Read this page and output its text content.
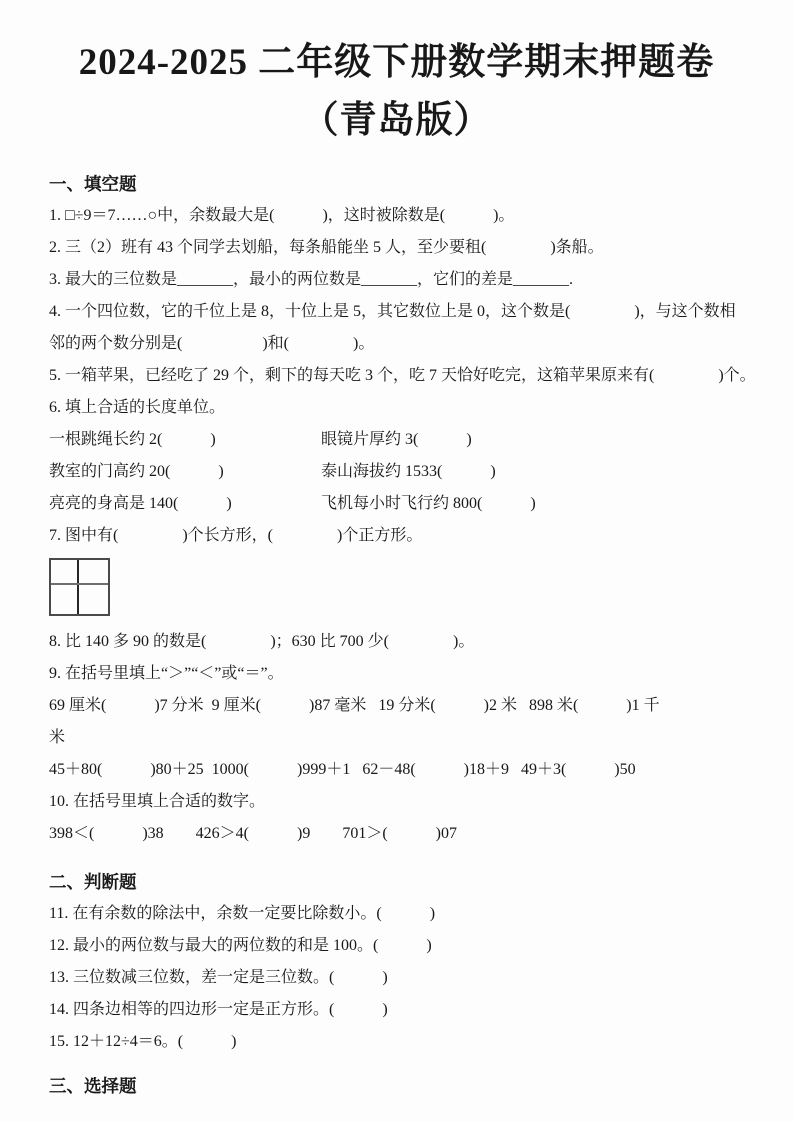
2024-2025 二年级下册数学期末押题卷
（青岛版）
一、填空题
1. □÷9＝7……○中，余数最大是(　　　)，这时被除数是(　　　)。
2. 三（2）班有 43 个同学去划船，每条船能坐 5 人，至少要租(　　　　)条船。
3. 最大的三位数是_______，最小的两位数是_______，它们的差是_______.
4. 一个四位数，它的千位上是 8，十位上是 5，其它数位上是 0，这个数是(　　　　)，与这个数相
邻的两个数分别是(　　　　　)和(　　　　)。
5. 一箱苹果，已经吃了 29 个，剩下的每天吃 3 个，吃 7 天恰好吃完，这箱苹果原来有(　　　　)个。
6. 填上合适的长度单位。
一根跳绳长约 2(　　　)	眼镜片厚约 3(　　　)
教室的门高约 20(　　　)	泰山海拔约 1533(　　　)
亮亮的身高是 140(　　　)	飞机每小时飞行约 800(　　　)
7. 图中有(　　　　)个长方形，(　　　　)个正方形。
8. 比 140 多 90 的数是(　　　　)；630 比 700 少(　　　　)。
9. 在括号里填上“＞”“＜”或“＝”。
69 厘米(　　　)7 分米  9 厘米(　　　)87 毫米   19 分米(　　　)2 米   898 米(　　　)1 千
米
45＋80(　　　)80＋25  1000(　　　)999＋1   62－48(　　　)18＋9   49＋3(　　　)50
10. 在括号里填上合适的数字。
398＜(　　　)38　　426＞4(　　　)9　　701＞(　　　)07
二、判断题
11. 在有余数的除法中，余数一定要比除数小。(　　　)
12. 最小的两位数与最大的两位数的和是 100。(　　　)
13. 三位数减三位数，差一定是三位数。(　　　)
14. 四条边相等的四边形一定是正方形。(　　　)
15. 12＋12÷4＝6。(　　　)
三、选择题
